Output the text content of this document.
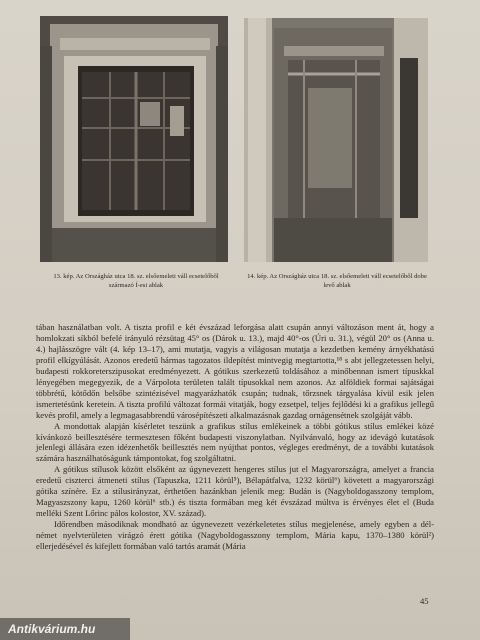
13. kép. Az Országház utca 18. sz. elsőemeleti váll ecsetelőből származó Í-esi ablak
14. kép. Az Országház utca 18. sz. elsőemeleti váll ecsetelőből dobe levő ablak

tában használatban volt. A tiszta profil e két évszázad leforgása alatt csupán annyi változáson ment át, hogy a homlokzati síkból befelé irányuló rézsütag 45° os (Dárok u. 13.), majd 40°-os (Úri u. 31.), végül 20° os (Anna u. 4.) hajlásszögre vált (4. kép 13–17), ami mutatja, vagyis a világosan mutatja a kezdetben kemény árnyékhatású profil elkígyúlását. Azonos eredetű hármas tagozatos ildepítést mintvegig megtartotta,¹⁸ s abt jellegzetessen helyi, budapesti rokkoreterszipusokat eredményezett. A gótikus szerkezetű toldásához a minőbennan ismert típuskkal lényegében megegyezik, de a Várpolota területen talált típusokkal nem azonos. Az alföldiek formai sajátságai többrétű, kötődőn belsőbe szintézisével magyarázhatók csupán; tudnak, tőrzsnek tárgyalása kívül esik jelen ismertetésünk keretein. A tiszta profilú változat formái vitatják, hogy ezsetpel, teljes fejlődési ki a grafikus jellegű kevés profil, amely a legmagasabbrendű városépítészeti alkalmazásnak gazdag ornágensétnek szolgáját vább.

A mondottak alapján kísérletet teszünk a grafikus stílus emlékeinek a többi gótikus stílus emlékei közé kívánkozó beillesztésére termesztesen főként budapesti viszonylatban. Nyilvánvaló, hogy az idevágó kutatások jelenlegi állására ezen idézenhetők beillesztés nem nyújthat pontos, végleges eredményt, de a további kutatások számára használhatóságunk támpontokat, fog szolgáltatni.

A gótikus stílusok között elsőként az úgynevezett hengeres stílus jut el Magyarországra, amelyet a francia eredetű ciszterci átmeneti stílus (Tapuszka, 1211 körül⁵), Bélapátfalva, 1232 körül⁶) követett a magyarországi gótika színére. Ez a stílusirányzat, érthetően hazánkban jelenik meg: Budán is (Nagyboldogasszony templom, Magyaszszony kapu, 1260 körül⁶ stb.) és tiszta formában meg két évszázad múltva is érvényes élet el (Buda melléki Szent Lőrinc pálos kolostor, XV. század).

Időrendben másodiknak mondható az úgynevezett vezérkeletetes stílus megjelenése, amely egyben a dél-német nyelvterületen virágzó érett gótika (Nagyboldogasszony templom, Mária kapu, 1370–1380 körül²) ellerjedésével és kifejlett formában való tartós aramát (Mária

45
Antikvárium.hu
